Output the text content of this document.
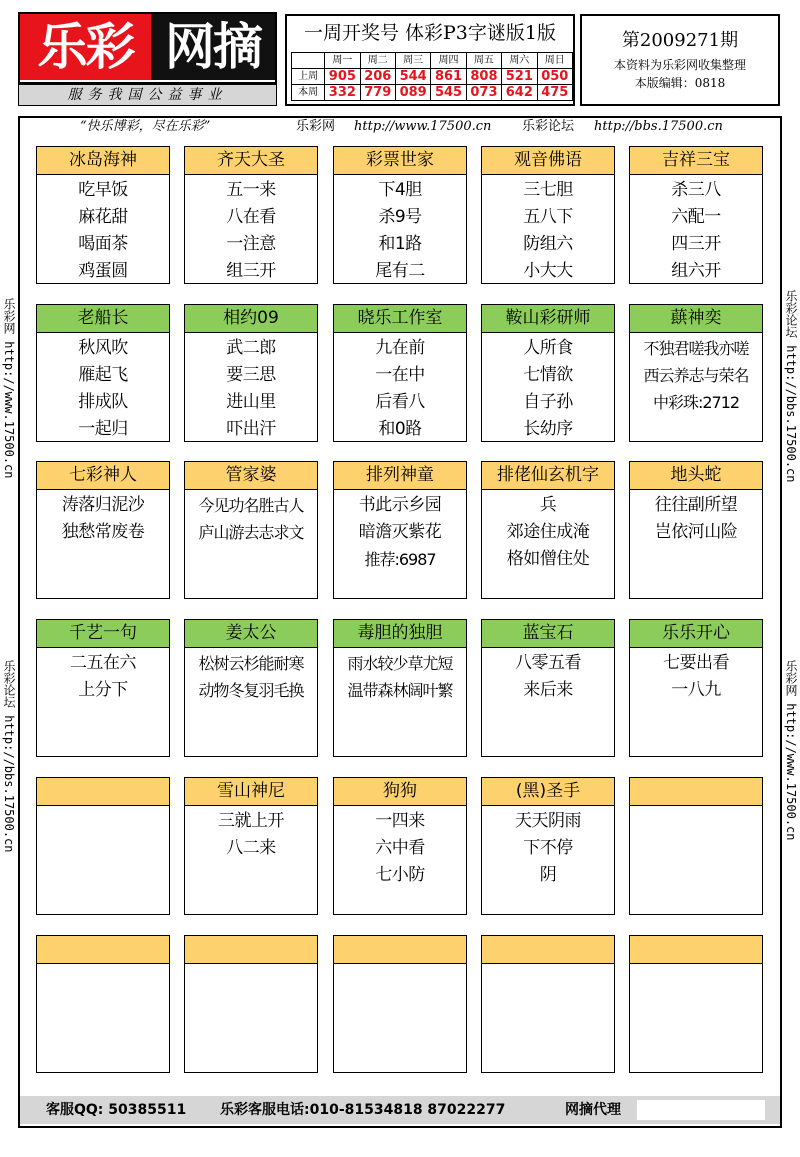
乐彩 网摘
服务我国公益事业
一周开奖号 体彩P3字谜版1版
	周一	周二	周三	周四	周五	周六	周日
上周	905	206	544	861	808	521	050
本周	332	779	089	545	073	642	475
第2009271期
本资料为乐彩网收集整理
本版编辑：0818
“快乐博彩，尽在乐彩”	乐彩网 http://www.17500.cn 乐彩论坛 http://bbs.17500.cn
乐彩网 http://www.17500.cn
乐彩论坛 http://bbs.17500.cn
乐彩论坛 http://bbs.17500.cn
乐彩网 http://www.17500.cn
冰岛海神
吃早饭
麻花甜
喝面茶
鸡蛋圆
齐天大圣
五一来
八在看
一注意
组三开
彩票世家
下4胆
杀9号
和1路
尾有二
观音佛语
三七胆
五八下
防组六
小大大
吉祥三宝
杀三八
六配一
四三开
组六开
老船长
秋风吹
雁起飞
排成队
一起归
相约09
武二郎
要三思
进山里
吓出汗
晓乐工作室
九在前
一在中
后看八
和0路
鞍山彩研师
人所食
七情欲
自子孙
长幼序
蕻神奕
不独君嗟我亦嗟
西云养志与荣名
中彩珠:2712
七彩神人
涛落归泥沙
独愁常废卷
管家婆
今见功名胜古人
庐山游去志求文
排列神童
书此示乡园
暗澹灭紫花
推荐:6987
排佬仙玄机字
兵
郊途住成淹
格如僧住处
地头蛇
往往副所望
岂依河山险
千艺一句
二五在六
上分下
姜太公
松树云杉能耐寒
动物冬复羽毛换
毒胆的独胆
雨水较少草尤短
温带森林阔叶繁
蓝宝石
八零五看
来后来
乐乐开心
七要出看
一八九
雪山神尼
三就上开
八二来
狗狗
一四来
六中看
七小防
(黑)圣手
天天阴雨
下不停
阴
客服QQ: 50385511 乐彩客服电话:010-81534818 87022277	网摘代理
